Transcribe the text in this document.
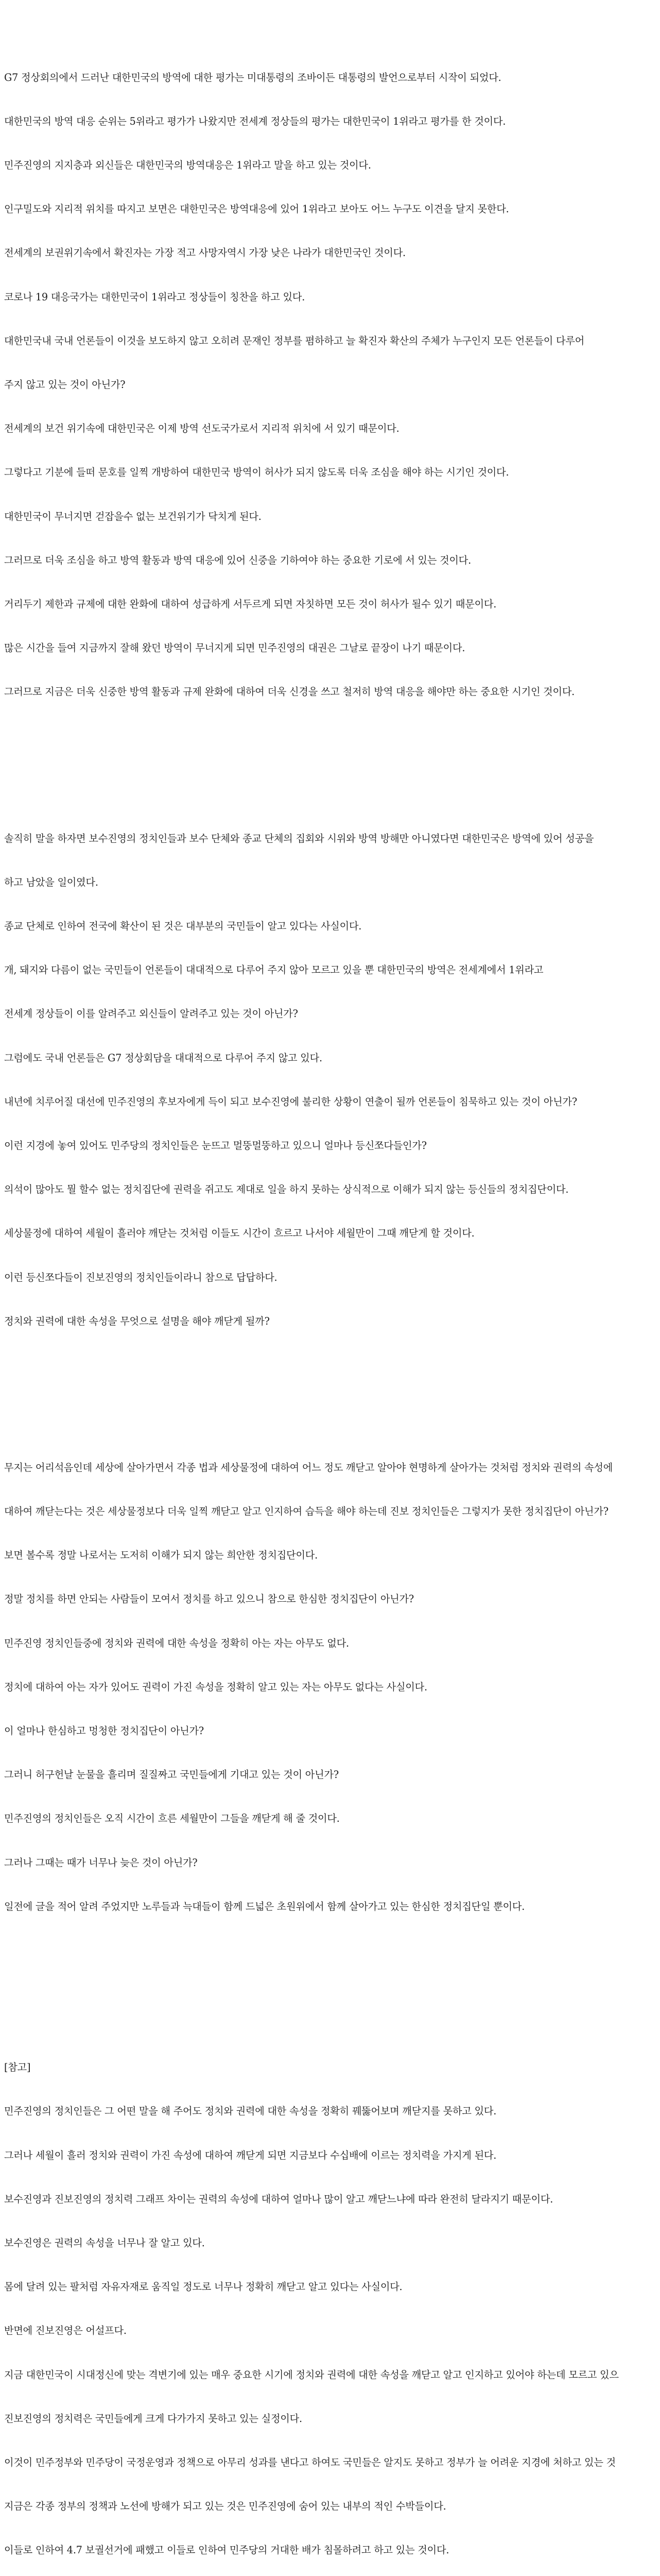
G7 정상회의에서 드러난 대한민국의 방역에 대한 평가는 미대통령의 조바이든 대통령의 발언으로부터 시작이 되었다.

대한민국의 방역 대응 순위는 5위라고 평가가 나왔지만 전세계 정상들의 평가는 대한민국이 1위라고 평가를 한 것이다.

민주진영의 지지층과 외신들은 대한민국의 방역대응은 1위라고 말을 하고 있는 것이다.

인구밀도와 지리적 위치를 따지고 보면은 대한민국은 방역대응에 있어 1위라고 보아도 어느 누구도 이견을 달지 못한다.

전세계의 보권위기속에서 확진자는 가장 적고 사망자역시 가장 낮은 나라가 대한민국인 것이다.

코로나 19 대응국가는 대한민국이 1위라고 정상들이 칭찬을 하고 있다.

대한민국내 국내 언론들이 이것을 보도하지 않고 오히려 문재인 정부를 폄하하고 늘 확진자 확산의 주체가 누구인지 모든 언론들이 다루어

주지 않고 있는 것이 아닌가?

전세계의 보건 위기속에 대한민국은 이제 방역 선도국가로서 지리적 위치에 서 있기 때문이다.

그렇다고 기분에 들떠 문호를 일찍 개방하여 대한민국 방역이 허사가 되지 않도록 더욱 조심을 해야 하는 시기인 것이다.

대한민국이 무너지면 걷잡을수 없는 보건위기가 닥치게 된다.

그러므로 더욱 조심을 하고 방역 활동과 방역 대응에 있어 신중을 기하여야 하는 중요한 기로에 서 있는 것이다.

거리두기 제한과 규제에 대한 완화에 대하여 성급하게 서두르게 되면 자칫하면 모든 것이 허사가 될수 있기 때문이다.

많은 시간을 들여 지금까지 잘해 왔던 방역이 무너지게 되면 민주진영의 대권은 그날로 끝장이 나기 때문이다.

그러므로 지금은 더욱 신중한 방역 활동과 규제 완화에 대하여 더욱 신경을 쓰고 철저히 방역 대응을 해야만 하는 중요한 시기인 것이다.

솔직히 말을 하자면 보수진영의 정치인들과 보수 단체와 종교 단체의 집회와 시위와 방역 방해만 아니였다면 대한민국은 방역에 있어 성공을

하고 남았을 일이였다.

종교 단체로 인하여 전국에 확산이 된 것은 대부분의 국민들이 알고 있다는 사실이다.

개, 돼지와 다름이 없는 국민들이 언론들이 대대적으로 다루어 주지 않아 모르고 있을 뿐 대한민국의 방역은 전세계에서 1위라고

전세계 정상들이 이를 알려주고 외신들이 알려주고 있는 것이 아닌가?

그럼에도 국내 언론들은 G7 정상회담을 대대적으로 다루어 주지 않고 있다.

내년에 치루어질 대선에 민주진영의 후보자에게 득이 되고 보수진영에 불리한 상황이 연출이 될까 언론들이 침묵하고 있는 것이 아닌가?

이런 지경에 놓여 있어도 민주당의 정치인들은 눈뜨고 멀뚱멀뚱하고 있으니 얼마나 등신쪼다들인가?

의석이 많아도 뭘 할수 없는 정치집단에 권력을 쥐고도 제대로 일을 하지 못하는 상식적으로 이해가 되지 않는 등신들의 정치집단이다.

세상물정에 대하여 세월이 흘러야 깨닫는 것처럼 이들도 시간이 흐르고 나서야 세월만이 그때 깨닫게 할 것이다.

이런 등신쪼다들이 진보진영의 정치인들이라니 참으로 답답하다.

정치와 권력에 대한 속성을 무엇으로 설명을 해야 깨닫게 될까?

무지는 어리석음인데 세상에 살아가면서 각종 법과 세상물정에 대하여 어느 정도 깨닫고 알아야 현명하게 살아가는 것처럼 정치와 권력의 속성에

대하여 깨닫는다는 것은 세상물정보다 더욱 일찍 깨닫고 알고 인지하여 습득을 해야 하는데 진보 정치인들은 그렇지가 못한 정치집단이 아닌가?

보면 볼수록 정말 나로서는 도저히 이해가 되지 않는 희안한 정치집단이다.

정말 정치를 하면 안되는 사람들이 모여서 정치를 하고 있으니 참으로 한심한 정치집단이 아닌가?

민주진영 정치인들중에 정치와 권력에 대한 속성을 정확히 아는 자는 아무도 없다.

정치에 대하여 아는 자가 있어도 권력이 가진 속성을 정확히 알고 있는 자는 아무도 없다는 사실이다.

이 얼마나 한심하고 멍청한 정치집단이 아닌가?

그러니 허구헌날 눈물을 흘리며 질질짜고 국민들에게 기대고 있는 것이 아닌가?

민주진영의 정치인들은 오직 시간이 흐른 세월만이 그들을 깨닫게 해 줄 것이다.

그러나 그때는 때가 너무나 늦은 것이 아닌가?

일전에 글을 적어 알려 주었지만 노루들과 늑대들이 함께 드넓은 초원위에서 함께 살아가고 있는 한심한 정치집단일 뿐이다.

[참고]

민주진영의 정치인들은 그 어떤 말을 해 주어도 정치와 권력에 대한 속성을 정확히 꿰뚫어보며 깨닫지를 못하고 있다.

그러나 세월이 흘러 정치와 권력이 가진 속성에 대하여 깨닫게 되면 지금보다 수십배에 이르는 정치력을 가지게 된다.

보수진영과 진보진영의 정치력 그래프 차이는 권력의 속성에 대하여 얼마나 많이 알고 깨닫느냐에 따라 완전히 달라지기 때문이다.

보수진영은 권력의 속성을 너무나 잘 알고 있다.

몸에 달려 있는 팔처럼 자유자재로 움직일 정도로 너무나 정확히 깨닫고 알고 있다는 사실이다.

반면에 진보진영은 어설프다.

지금 대한민국이 시대정신에 맞는 격변기에 있는 매우 중요한 시기에 정치와 권력에 대한 속성을 깨닫고 알고 인지하고 있어야 하는데 모르고 있으

진보진영의 정치력은 국민들에게 크게 다가가지 못하고 있는 실정이다.

이것이 민주정부와 민주당이 국정운영과 정책으로 아무리 성과를 낸다고 하여도 국민들은 알지도 못하고 정부가 늘 어려운 지경에 처하고 있는 것

지금은 각종 정부의 정책과 노선에 방해가 되고 있는 것은 민주진영에 숨어 있는 내부의 적인 수박들이다.

이들로 인하여 4.7 보궐선거에 패했고 이들로 인하여 민주당의 거대한 배가 침몰하려고 하고 있는 것이다.
